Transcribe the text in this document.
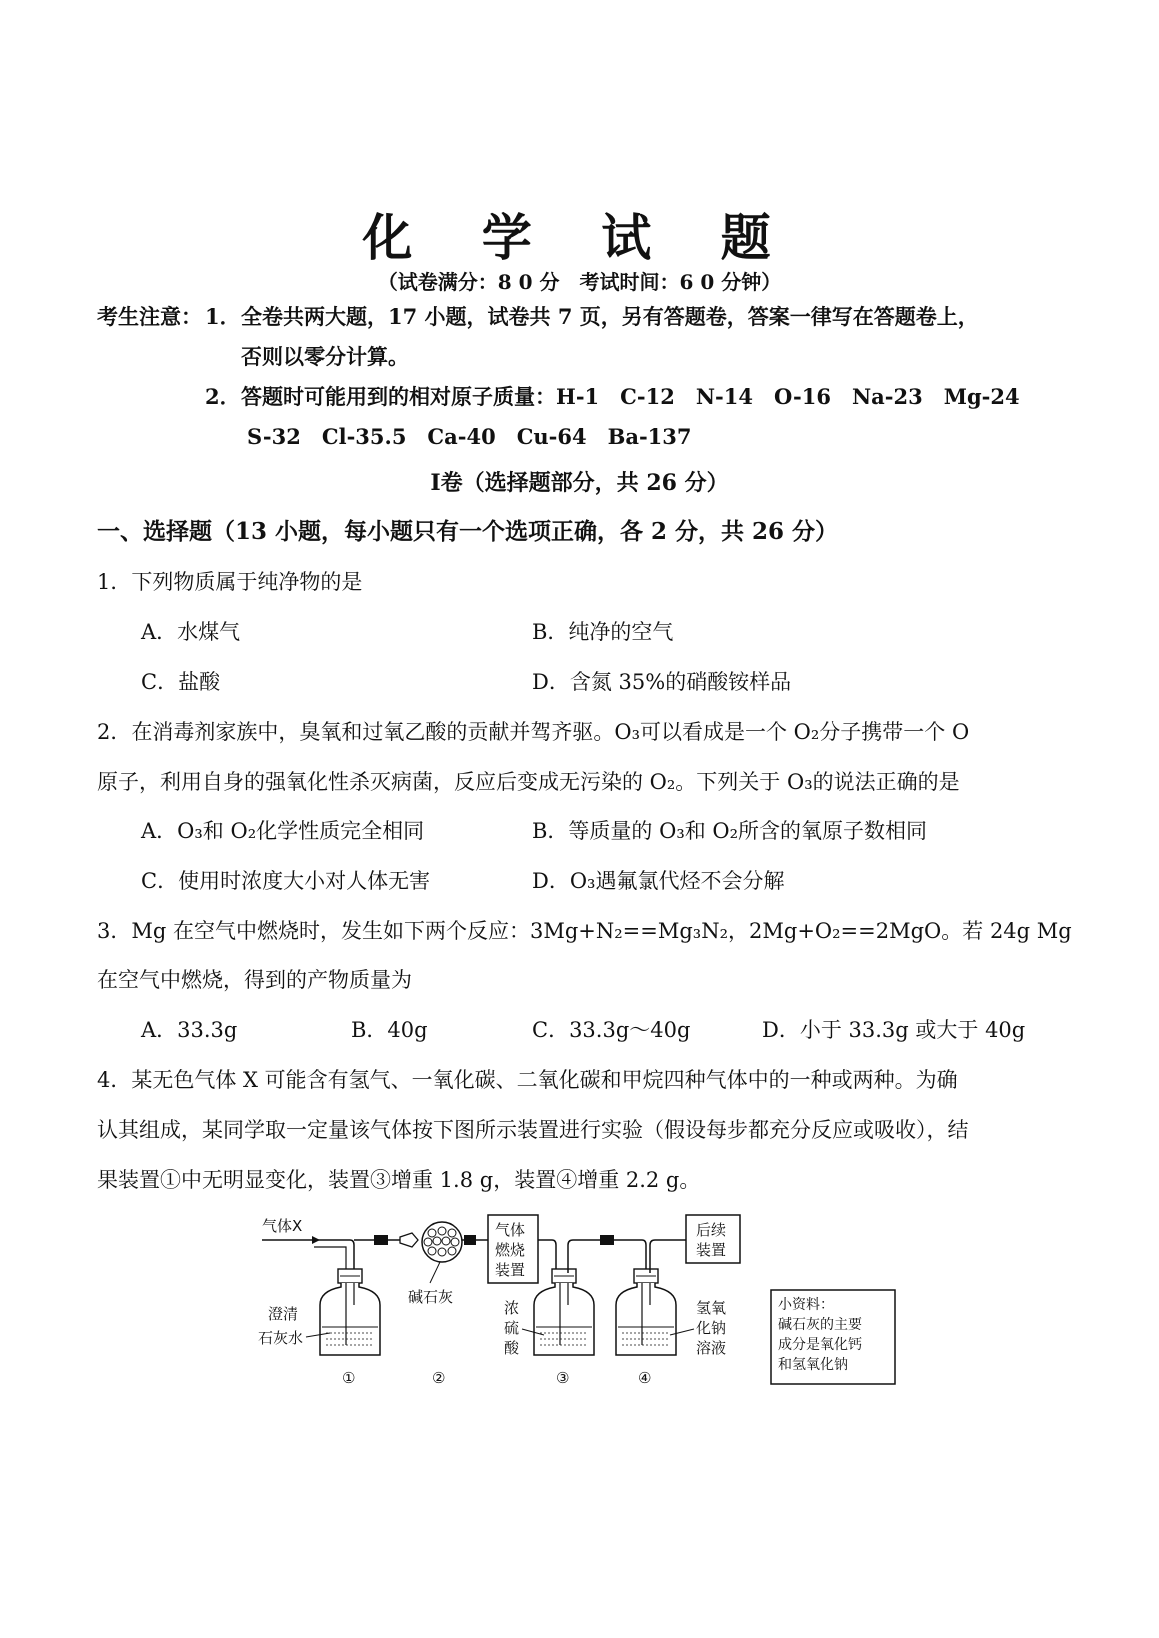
化 学 试 题
（试卷满分：8 0 分　考试时间：6 0 分钟）
考生注意： 1． 全卷共两大题，17 小题，试卷共 7 页，另有答题卷，答案一律写在答题卷上，
否则以零分计算。
2． 答题时可能用到的相对原子质量：H-1　C-12　N-14　O-16　Na-23　Mg-24
S-32　Cl-35.5　Ca-40　Cu-64　Ba-137
I卷（选择题部分，共 26 分）
一、选择题（13 小题，每小题只有一个选项正确，各 2 分，共 26 分）
1．下列物质属于纯净物的是
A．水煤气	B．纯净的空气
C．盐酸	D．含氮 35%的硝酸铵样品
2．在消毒剂家族中，臭氧和过氧乙酸的贡献并驾齐驱。O₃可以看成是一个 O₂分子携带一个 O
原子，利用自身的强氧化性杀灭病菌，反应后变成无污染的 O₂。下列关于 O₃的说法正确的是
A．O₃和 O₂化学性质完全相同	B．等质量的 O₃和 O₂所含的氧原子数相同
C．使用时浓度大小对人体无害	D．O₃遇氟氯代烃不会分解
3．Mg 在空气中燃烧时，发生如下两个反应：3Mg+N₂==Mg₃N₂，2Mg+O₂==2MgO。若 24g Mg
在空气中燃烧，得到的产物质量为
A．33.3g	B．40g	C．33.3g～40g	D．小于 33.3g 或大于 40g
4．某无色气体 X 可能含有氢气、一氧化碳、二氧化碳和甲烷四种气体中的一种或两种。为确
认其组成，某同学取一定量该气体按下图所示装置进行实验（假设每步都充分反应或吸收），结
果装置①中无明显变化，装置③增重 1.8 g，装置④增重 2.2 g。
气体X
澄清
石灰水
①
碱石灰
②
气体
燃烧
装置
浓
硫
酸
③
氢氧
化钠
溶液
④
后续
装置
小资料：
碱石灰的主要
成分是氧化钙
和氢氧化钠
